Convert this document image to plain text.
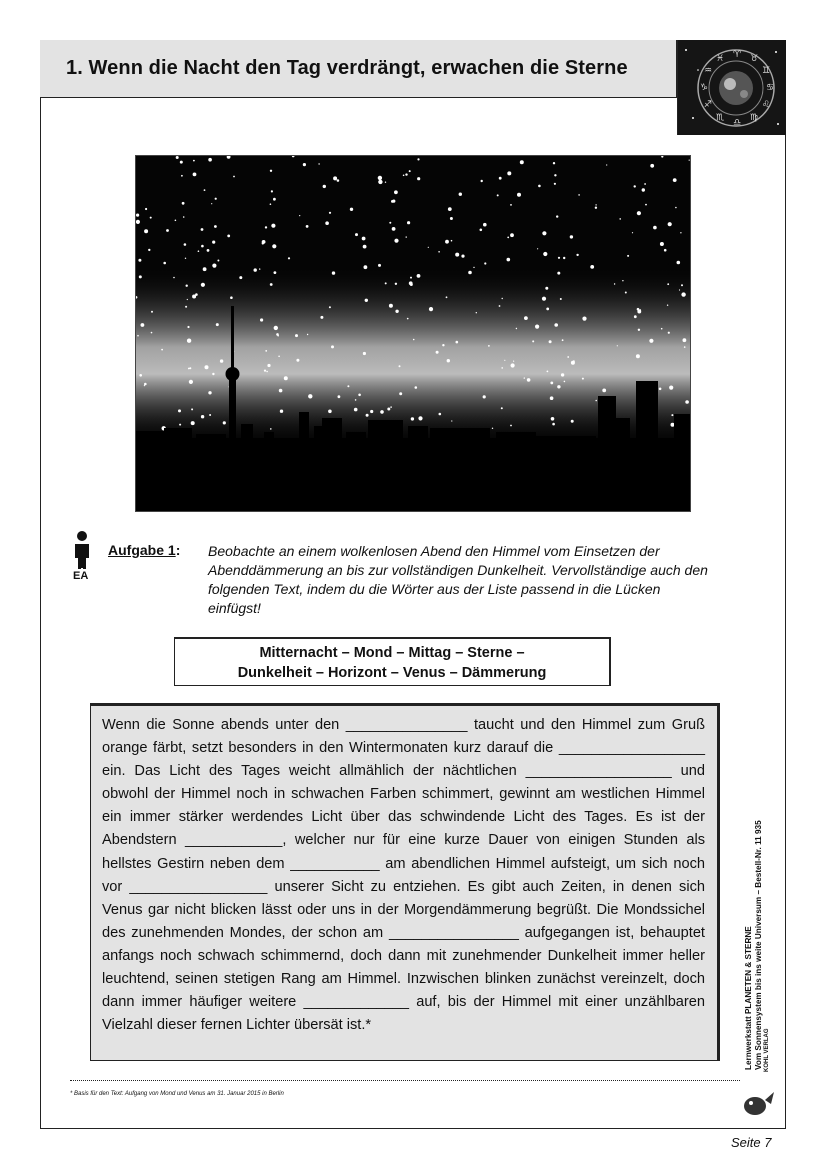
1. Wenn die Nacht den Tag verdrängt, erwachen die Sterne
♈ ♉
♊
♋
♌
♍
♎
♏
♐
♑
♒
♓
EA
Aufgabe 1: Beobachte an einem wolkenlosen Abend den Himmel vom Einsetzen der Abenddämmerung an bis zur vollständigen Dunkelheit. Vervollständige auch den folgenden Text, indem du die Wörter aus der Liste passend in die Lücken einfügst!
Mitternacht – Mond – Mittag – Sterne –
Dunkelheit – Horizont – Venus – Dämmerung
Wenn die Sonne abends unter den _______________ taucht und den Himmel zum Gruß orange färbt, setzt besonders in den Wintermonaten kurz darauf die __________________ ein. Das Licht des Tages weicht allmählich der nächtlichen __________________ und obwohl der Himmel noch in schwachen Farben schimmert, gewinnt am westlichen Himmel ein immer stärker werdendes Licht über das schwindende Licht des Tages. Es ist der Abendstern ____________, welcher nur für eine kurze Dauer von einigen Stunden als hellstes Gestirn neben dem ___________ am abendlichen Himmel aufsteigt, um sich noch vor _________________ unserer Sicht zu entziehen. Es gibt auch Zeiten, in denen sich Venus gar nicht blicken lässt oder uns in der Morgendämmerung begrüßt. Die Mondssichel des zunehmenden Mondes, der schon am ________________ aufgegangen ist, behauptet anfangs noch schwach schimmernd, doch dann mit zunehmender Dunkelheit immer heller leuchtend, seinen stetigen Rang am Himmel. Inzwischen blinken zunächst vereinzelt, doch dann immer häufiger weitere _____________ auf, bis der Himmel mit einer unzählbaren Vielzahl dieser fernen Lichter übersät ist.*
* Basis für den Text: Aufgang von Mond und Venus am 31. Januar 2015 in Berlin
Lernwerkstatt PLANETEN & STERNE Vom Sonnensystem bis ins weite Universum – Bestell-Nr. 11 935 KOHL VERLAG
Seite 7
